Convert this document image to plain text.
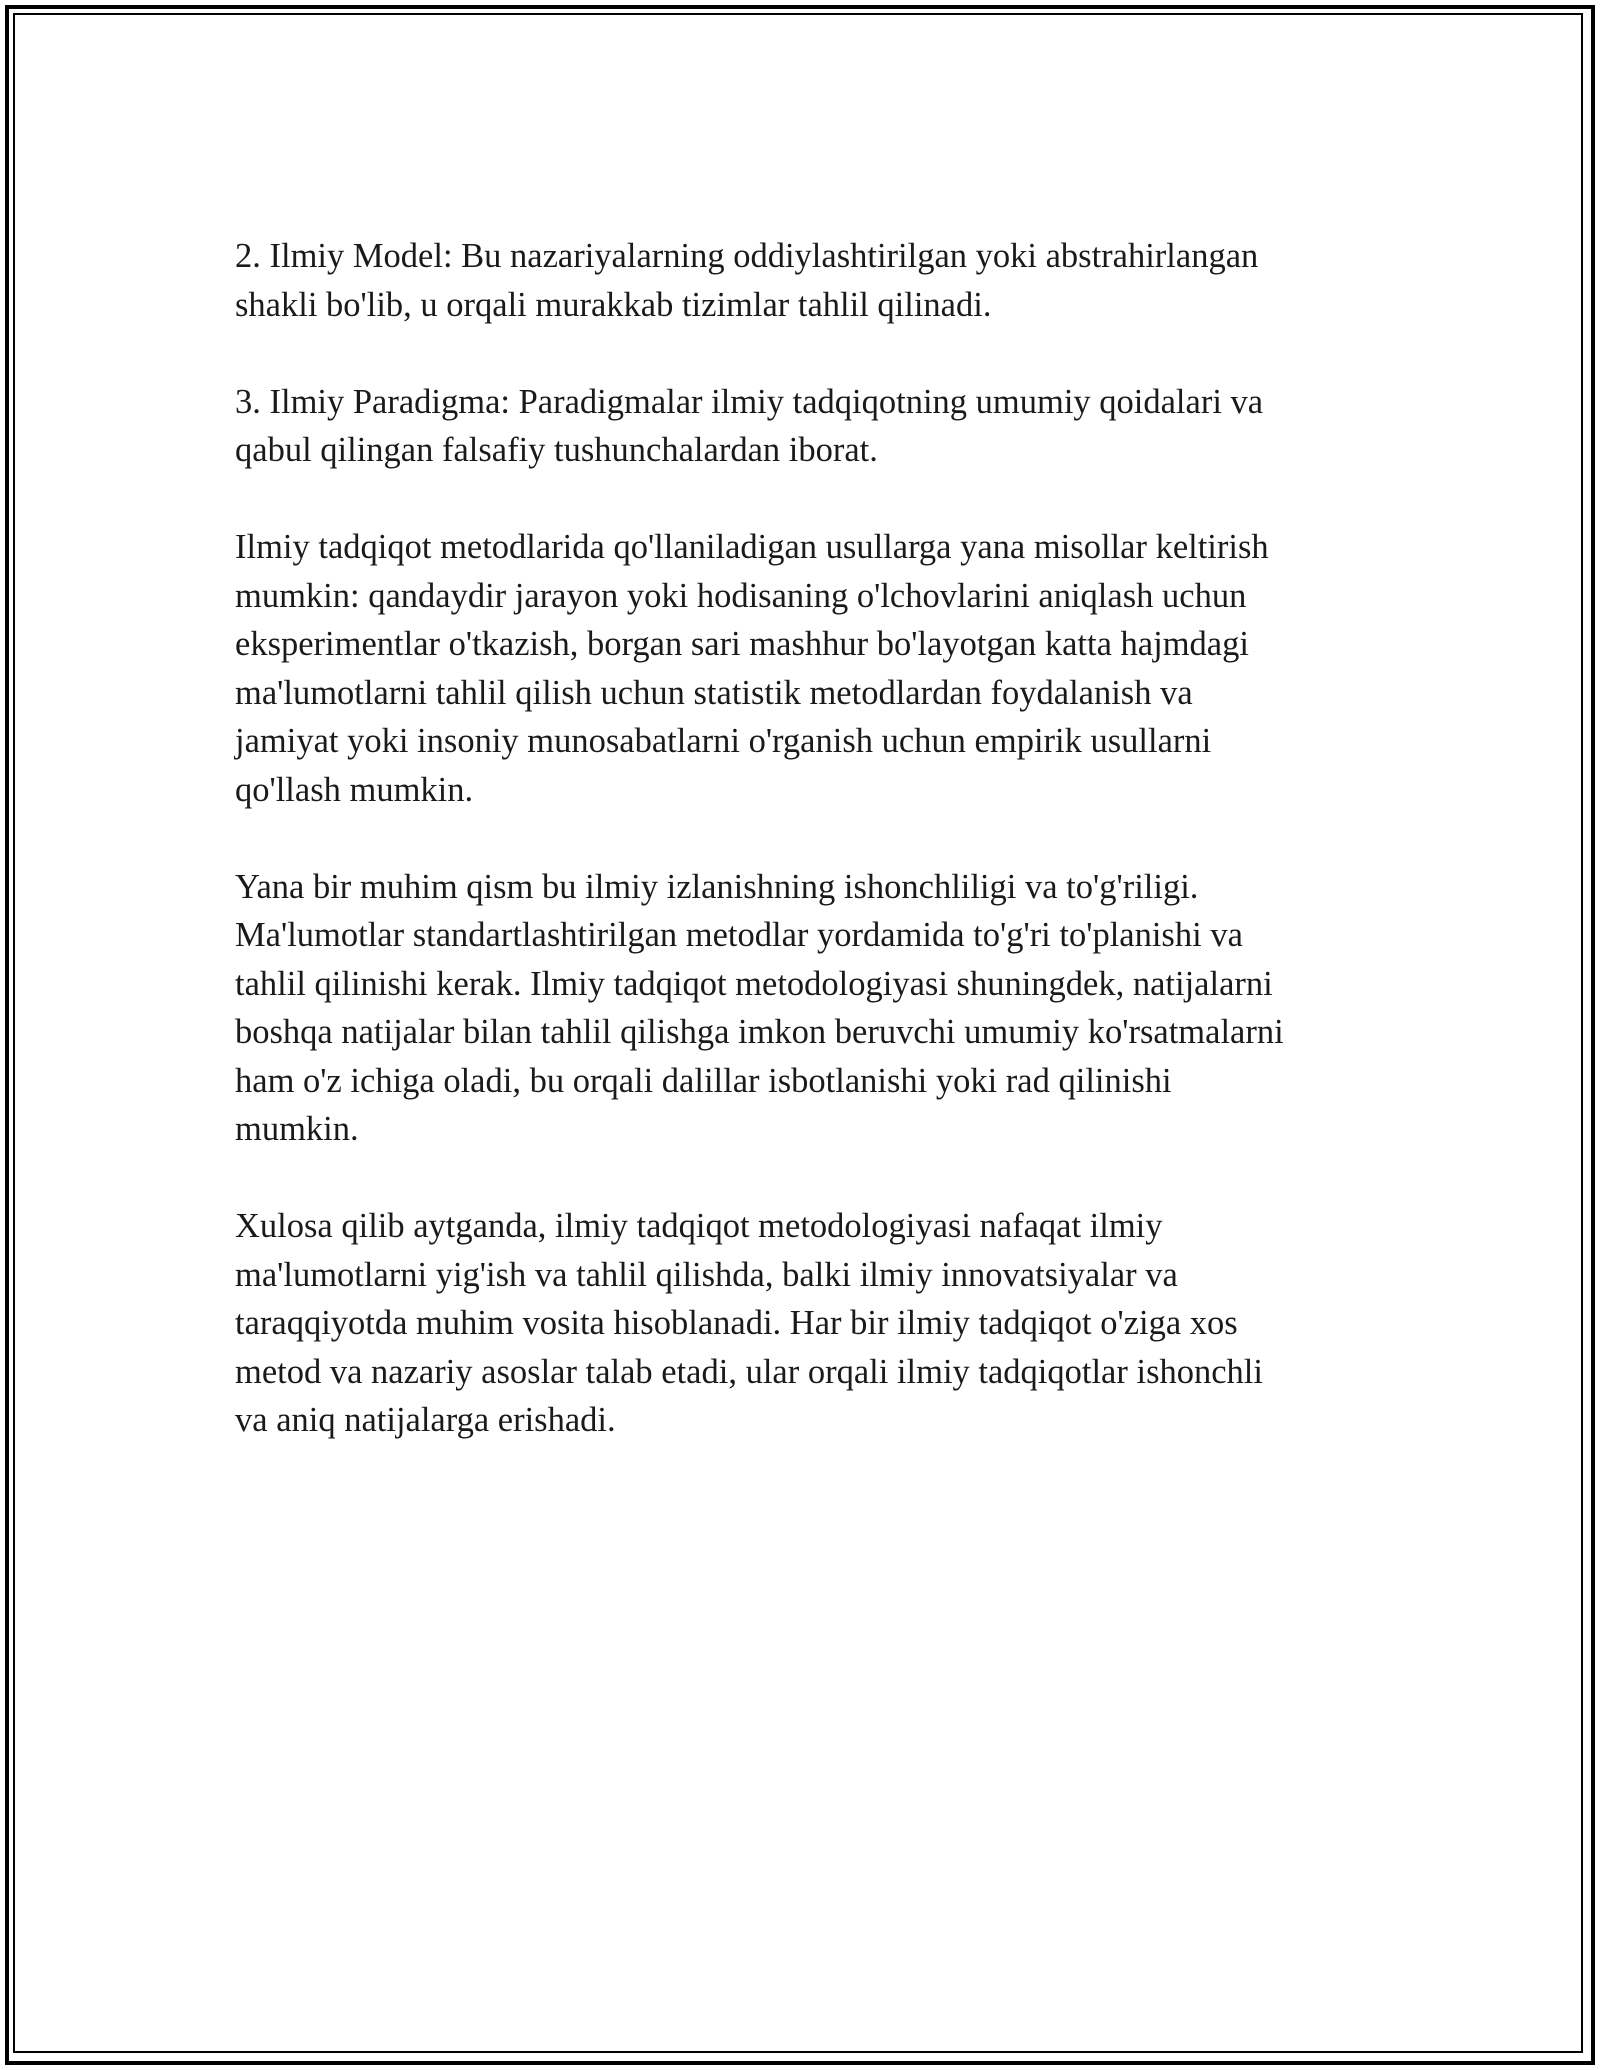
2. Ilmiy Model: Bu nazariyalarning oddiylashtirilgan yoki abstrahirlangan
shakli bo'lib, u orqali murakkab tizimlar tahlil qilinadi.

3. Ilmiy Paradigma: Paradigmalar ilmiy tadqiqotning umumiy qoidalari va
qabul qilingan falsafiy tushunchalardan iborat.

Ilmiy tadqiqot metodlarida qo'llaniladigan usullarga yana misollar keltirish
mumkin: qandaydir jarayon yoki hodisaning o'lchovlarini aniqlash uchun
eksperimentlar o'tkazish, borgan sari mashhur bo'layotgan katta hajmdagi
ma'lumotlarni tahlil qilish uchun statistik metodlardan foydalanish va
jamiyat yoki insoniy munosabatlarni o'rganish uchun empirik usullarni
qo'llash mumkin.

Yana bir muhim qism bu ilmiy izlanishning ishonchliligi va to'g'riligi.
Ma'lumotlar standartlashtirilgan metodlar yordamida to'g'ri to'planishi va
tahlil qilinishi kerak. Ilmiy tadqiqot metodologiyasi shuningdek, natijalarni
boshqa natijalar bilan tahlil qilishga imkon beruvchi umumiy ko'rsatmalarni
ham o'z ichiga oladi, bu orqali dalillar isbotlanishi yoki rad qilinishi
mumkin.

Xulosa qilib aytganda, ilmiy tadqiqot metodologiyasi nafaqat ilmiy
ma'lumotlarni yig'ish va tahlil qilishda, balki ilmiy innovatsiyalar va
taraqqiyotda muhim vosita hisoblanadi. Har bir ilmiy tadqiqot o'ziga xos
metod va nazariy asoslar talab etadi, ular orqali ilmiy tadqiqotlar ishonchli
va aniq natijalarga erishadi.
